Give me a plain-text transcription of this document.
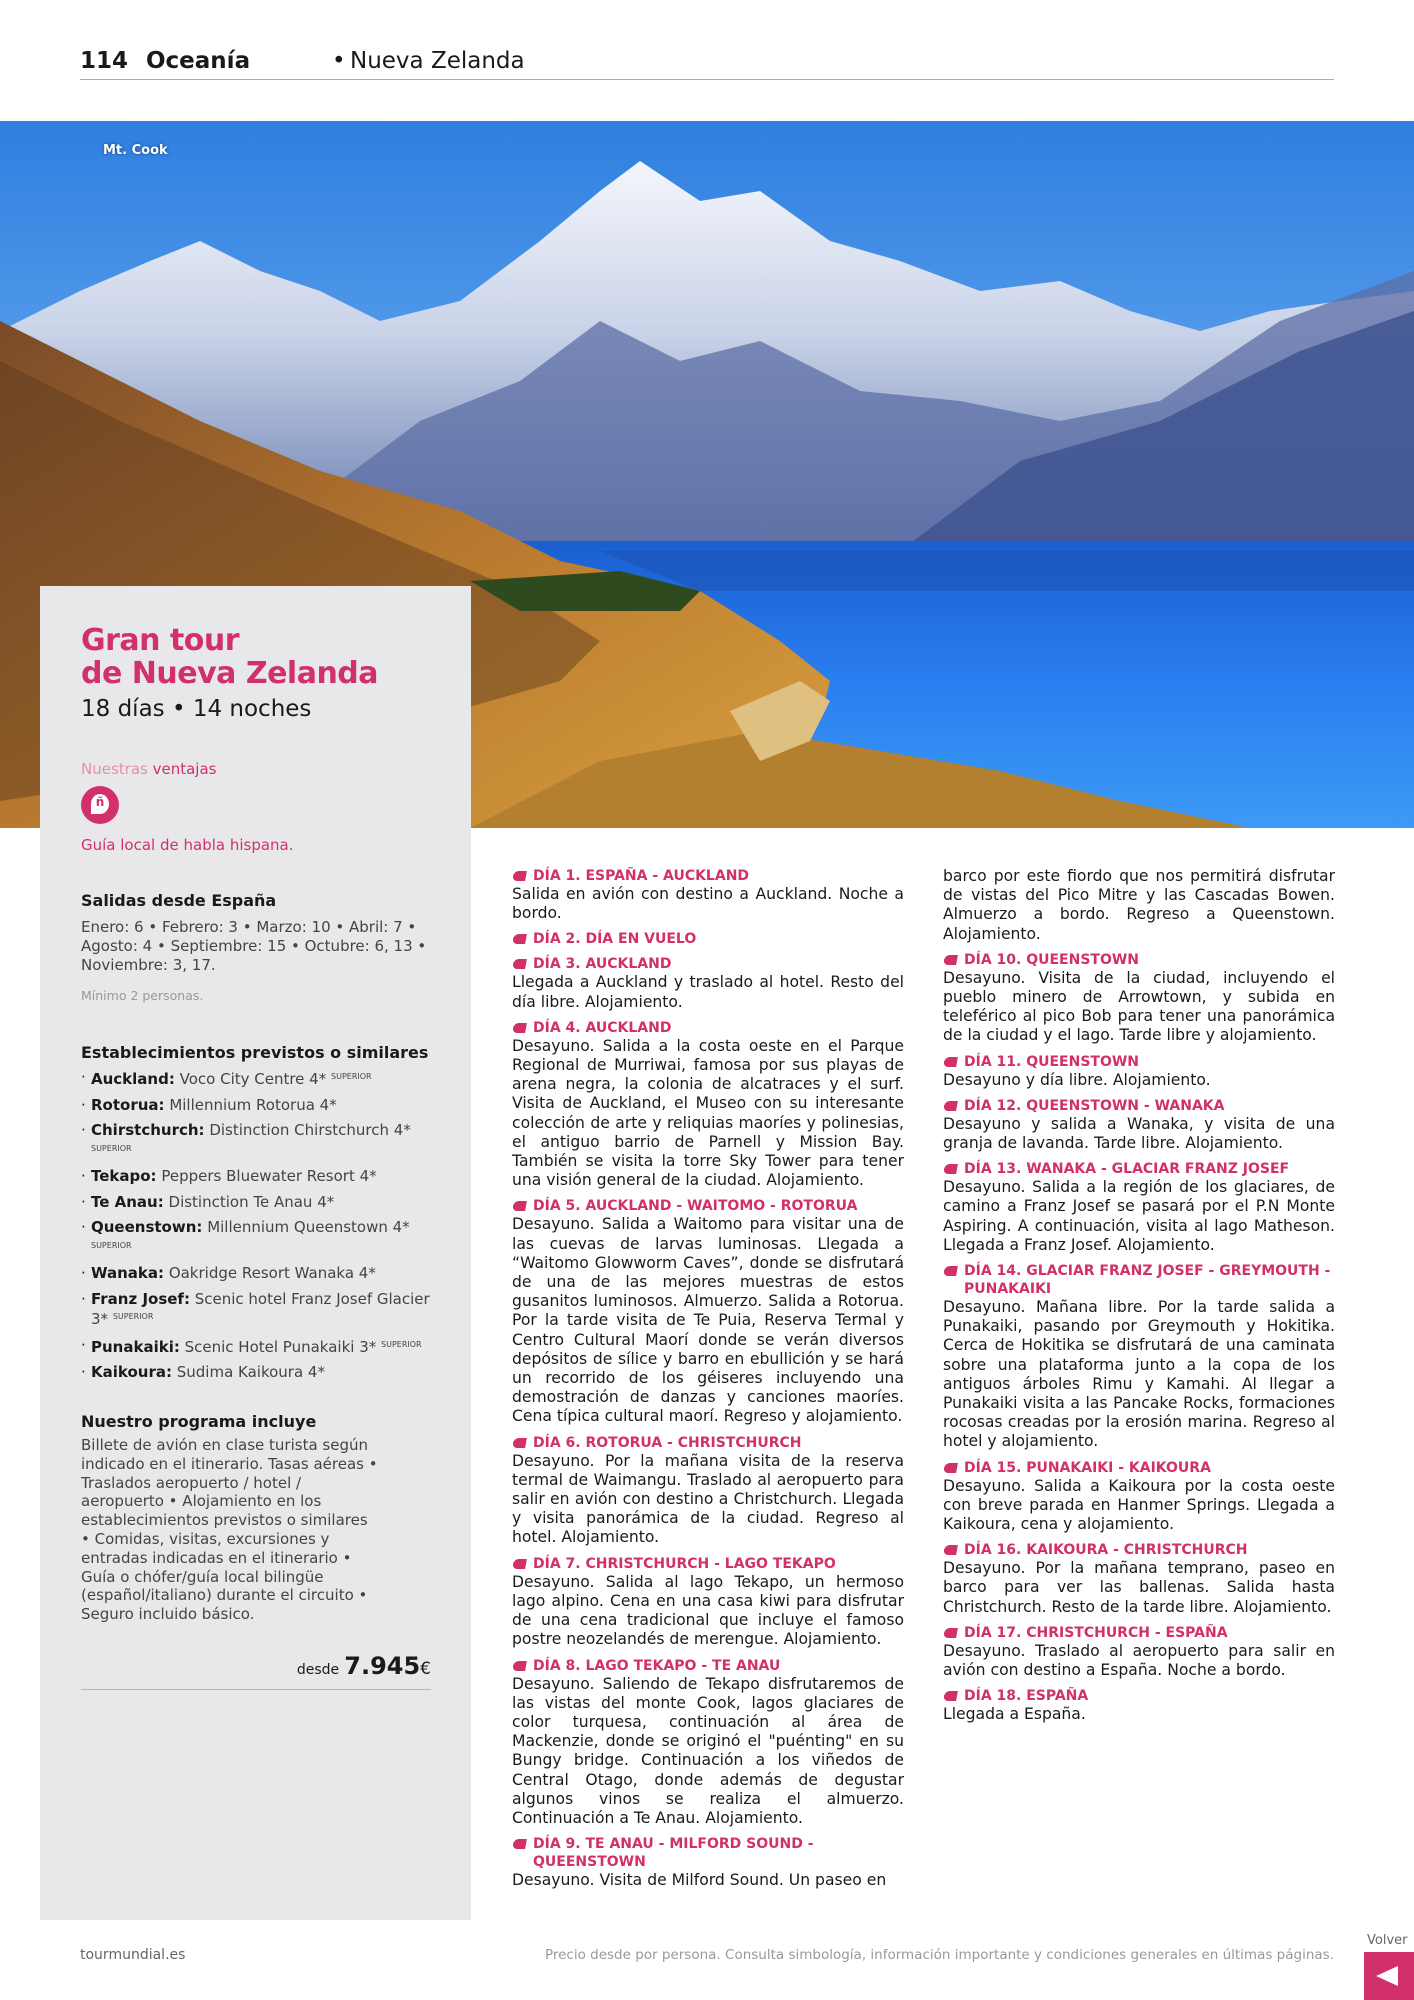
114 Oceanía	• Nueva Zelanda
Mt. Cook
Gran tour
de Nueva Zelanda
18 días • 14 noches
Nuestras ventajas
ñ
Guía local de habla hispana.
Salidas desde España
Enero: 6 • Febrero: 3 • Marzo: 10 • Abril: 7 • Agosto: 4 • Septiembre: 15 • Octubre: 6, 13 • Noviembre: 3, 17.
Mínimo 2 personas.
Establecimientos previstos o similares
· Auckland: Voco City Centre 4* $^{SUPERIOR}$
· Rotorua: Millennium Rotorua 4*
· Chirstchurch: Distinction Chirstchurch 4* $^{SUPERIOR}$
· Tekapo: Peppers Bluewater Resort 4*
· Te Anau: Distinction Te Anau 4*
· Queenstown: Millennium Queenstown 4* $^{SUPERIOR}$
· Wanaka: Oakridge Resort Wanaka 4*
· Franz Josef: Scenic hotel Franz Josef Glacier 3* $^{SUPERIOR}$
· Punakaiki: Scenic Hotel Punakaiki 3* $^{SUPERIOR}$
· Kaikoura: Sudima Kaikoura 4*
Nuestro programa incluye
Billete de avión en clase turista según indicado en el itinerario. Tasas aéreas • Traslados aeropuerto / hotel / aeropuerto • Alojamiento en los establecimientos previstos o similares • Comidas, visitas, excursiones y entradas indicadas en el itinerario • Guía o chófer/guía local bilingüe (español/italiano) durante el circuito • Seguro incluido básico.
desde 7.945€
DÍA 1. ESPAÑA - AUCKLAND
Salida en avión con destino a Auckland. Noche a bordo.
DÍA 2. DÍA EN VUELO
DÍA 3. AUCKLAND
Llegada a Auckland y traslado al hotel. Resto del día libre. Alojamiento.
DÍA 4. AUCKLAND
Desayuno. Salida a la costa oeste en el Parque Regional de Murriwai, famosa por sus playas de arena negra, la colonia de alcatraces y el surf. Visita de Auckland, el Museo con su interesante colección de arte y reliquias maoríes y polinesias, el antiguo barrio de Parnell y Mission Bay. También se visita la torre Sky Tower para tener una visión general de la ciudad. Alojamiento.
DÍA 5. AUCKLAND - WAITOMO - ROTORUA
Desayuno. Salida a Waitomo para visitar una de las cuevas de larvas luminosas. Llegada a “Waitomo Glowworm Caves”, donde se disfrutará de una de las mejores muestras de estos gusanitos luminosos. Almuerzo. Salida a Rotorua. Por la tarde visita de Te Puia, Reserva Termal y Centro Cultural Maorí donde se verán diversos depósitos de sílice y barro en ebullición y se hará un recorrido de los géiseres incluyendo una demostración de danzas y canciones maoríes. Cena típica cultural maorí. Regreso y alojamiento.
DÍA 6. ROTORUA - CHRISTCHURCH
Desayuno. Por la mañana visita de la reserva termal de Waimangu. Traslado al aeropuerto para salir en avión con destino a Christchurch. Llegada y visita panorámica de la ciudad. Regreso al hotel. Alojamiento.
DÍA 7. CHRISTCHURCH - LAGO TEKAPO
Desayuno. Salida al lago Tekapo, un hermoso lago alpino. Cena en una casa kiwi para disfrutar de una cena tradicional que incluye el famoso postre neozelandés de merengue. Alojamiento.
DÍA 8. LAGO TEKAPO - TE ANAU
Desayuno. Saliendo de Tekapo disfrutaremos de las vistas del monte Cook, lagos glaciares de color turquesa, continuación al área de Mackenzie, donde se originó el "puénting" en su Bungy bridge. Continuación a los viñedos de Central Otago, donde además de degustar algunos vinos se realiza el almuerzo. Continuación a Te Anau. Alojamiento.
DÍA 9. TE ANAU - MILFORD SOUND - QUEENSTOWN
Desayuno. Visita de Milford Sound. Un paseo en
barco por este fiordo que nos permitirá disfrutar de vistas del Pico Mitre y las Cascadas Bowen. Almuerzo a bordo. Regreso a Queenstown. Alojamiento.
DÍA 10. QUEENSTOWN
Desayuno. Visita de la ciudad, incluyendo el pueblo minero de Arrowtown, y subida en teleférico al pico Bob para tener una panorámica de la ciudad y el lago. Tarde libre y alojamiento.
DÍA 11. QUEENSTOWN
Desayuno y día libre. Alojamiento.
DÍA 12. QUEENSTOWN - WANAKA
Desayuno y salida a Wanaka, y visita de una granja de lavanda. Tarde libre. Alojamiento.
DÍA 13. WANAKA - GLACIAR FRANZ JOSEF
Desayuno. Salida a la región de los glaciares, de camino a Franz Josef se pasará por el P.N Monte Aspiring. A continuación, visita al lago Matheson. Llegada a Franz Josef. Alojamiento.
DÍA 14. GLACIAR FRANZ JOSEF - GREYMOUTH - PUNAKAIKI
Desayuno. Mañana libre. Por la tarde salida a Punakaiki, pasando por Greymouth y Hokitika. Cerca de Hokitika se disfrutará de una caminata sobre una plataforma junto a la copa de los antiguos árboles Rimu y Kamahi. Al llegar a Punakaiki visita a las Pancake Rocks, formaciones rocosas creadas por la erosión marina. Regreso al hotel y alojamiento.
DÍA 15. PUNAKAIKI - KAIKOURA
Desayuno. Salida a Kaikoura por la costa oeste con breve parada en Hanmer Springs. Llegada a Kaikoura, cena y alojamiento.
DÍA 16. KAIKOURA - CHRISTCHURCH
Desayuno. Por la mañana temprano, paseo en barco para ver las ballenas. Salida hasta Christchurch. Resto de la tarde libre. Alojamiento.
DÍA 17. CHRISTCHURCH - ESPAÑA
Desayuno. Traslado al aeropuerto para salir en avión con destino a España. Noche a bordo.
DÍA 18. ESPAÑA
Llegada a España.
tourmundial.es	Precio desde por persona. Consulta simbología, información importante y condiciones generales en últimas páginas.
Volver
